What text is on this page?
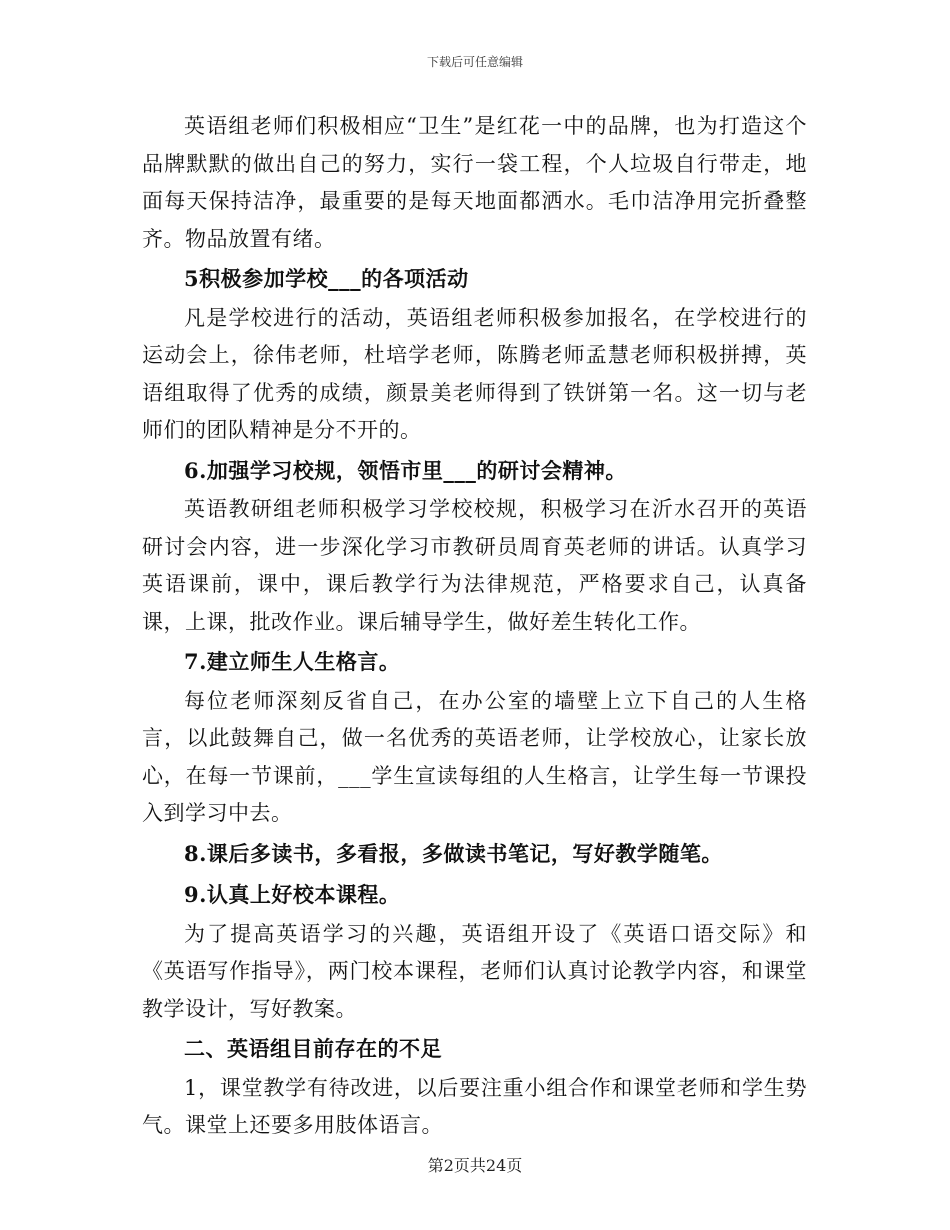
下载后可任意编辑

英语组老师们积极相应“卫生”是红花一中的品牌，也为打造这个品牌默默的做出自己的努力，实行一袋工程，个人垃圾自行带走，地面每天保持洁净，最重要的是每天地面都洒水。毛巾洁净用完折叠整齐。物品放置有绪。

5积极参加学校___的各项活动

凡是学校进行的活动，英语组老师积极参加报名，在学校进行的运动会上，徐伟老师，杜培学老师，陈腾老师孟慧老师积极拼搏，英语组取得了优秀的成绩，颜景美老师得到了铁饼第一名。这一切与老师们的团队精神是分不开的。

6.加强学习校规，领悟市里___的研讨会精神。

英语教研组老师积极学习学校校规，积极学习在沂水召开的英语研讨会内容，进一步深化学习市教研员周育英老师的讲话。认真学习英语课前，课中，课后教学行为法律规范，严格要求自己，认真备课，上课，批改作业。课后辅导学生，做好差生转化工作。

7.建立师生人生格言。

每位老师深刻反省自己，在办公室的墙壁上立下自己的人生格言，以此鼓舞自己，做一名优秀的英语老师，让学校放心，让家长放心，在每一节课前，___学生宣读每组的人生格言，让学生每一节课投入到学习中去。

8.课后多读书，多看报，多做读书笔记，写好教学随笔。

9.认真上好校本课程。

为了提高英语学习的兴趣，英语组开设了《英语口语交际》和《英语写作指导》，两门校本课程，老师们认真讨论教学内容，和课堂教学设计，写好教案。

二、英语组目前存在的不足

1，课堂教学有待改进，以后要注重小组合作和课堂老师和学生势气。课堂上还要多用肢体语言。

第2页共24页
